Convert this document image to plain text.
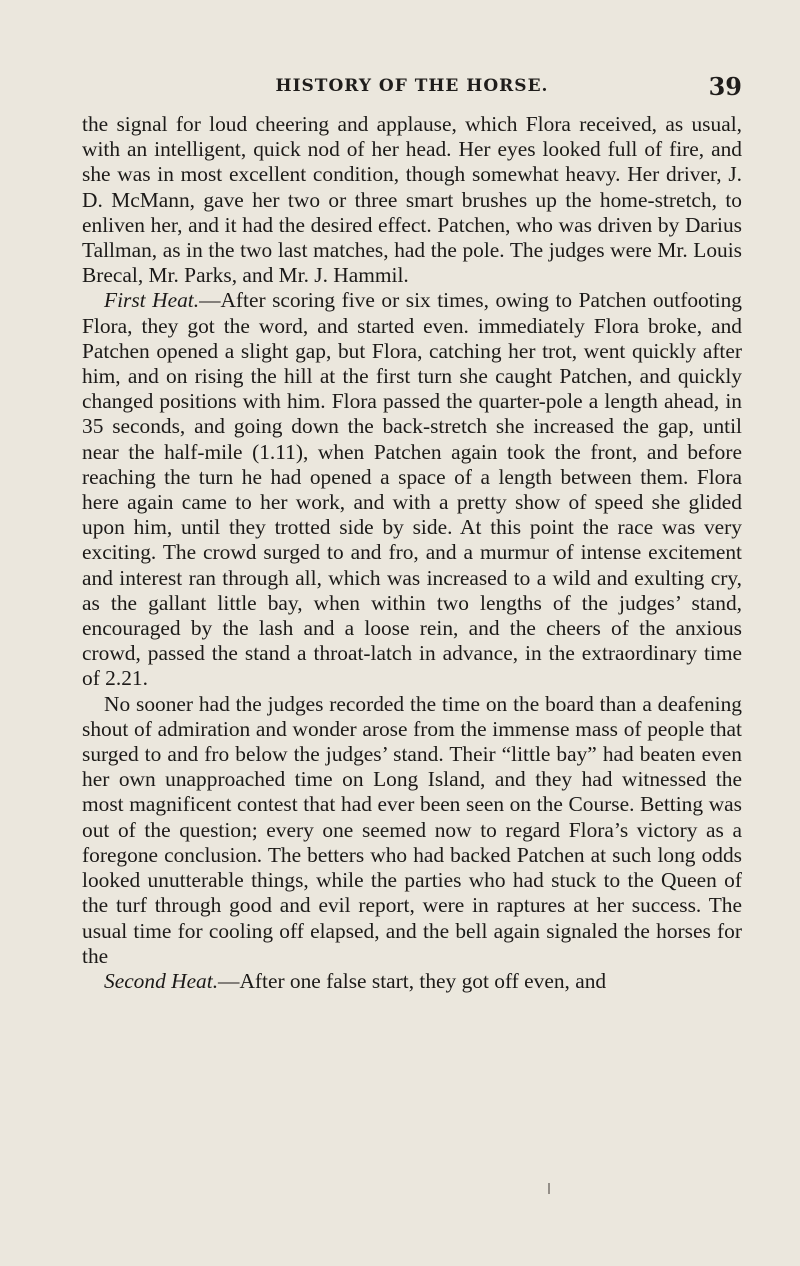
HISTORY OF THE HORSE.	39

the signal for loud cheering and applause, which Flora received, as usual, with an intelligent, quick nod of her head. Her eyes looked full of fire, and she was in most excellent condition, though somewhat heavy. Her driver, J. D. McMann, gave her two or three smart brushes up the home-stretch, to enliven her, and it had the desired effect. Patchen, who was driven by Darius Tallman, as in the two last matches, had the pole. The judges were Mr. Louis Brecal, Mr. Parks, and Mr. J. Hammil.

First Heat.—After scoring five or six times, owing to Patchen outfooting Flora, they got the word, and started even. immediately Flora broke, and Patchen opened a slight gap, but Flora, catching her trot, went quickly after him, and on rising the hill at the first turn she caught Patchen, and quickly changed positions with him. Flora passed the quarter-pole a length ahead, in 35 seconds, and going down the back-stretch she increased the gap, until near the half-mile (1.11), when Patchen again took the front, and before reaching the turn he had opened a space of a length between them. Flora here again came to her work, and with a pretty show of speed she glided upon him, until they trotted side by side. At this point the race was very exciting. The crowd surged to and fro, and a murmur of intense excitement and interest ran through all, which was increased to a wild and exulting cry, as the gallant little bay, when within two lengths of the judges’ stand, encouraged by the lash and a loose rein, and the cheers of the anxious crowd, passed the stand a throat-latch in advance, in the extraordinary time of 2.21.

No sooner had the judges recorded the time on the board than a deafening shout of admiration and wonder arose from the immense mass of people that surged to and fro below the judges’ stand. Their “little bay” had beaten even her own unapproached time on Long Island, and they had witnessed the most magnificent contest that had ever been seen on the Course. Betting was out of the question; every one seemed now to regard Flora’s victory as a foregone conclusion. The betters who had backed Patchen at such long odds looked unutterable things, while the parties who had stuck to the Queen of the turf through good and evil report, were in raptures at her success. The usual time for cooling off elapsed, and the bell again signaled the horses for the

Second Heat.—After one false start, they got off even, and
